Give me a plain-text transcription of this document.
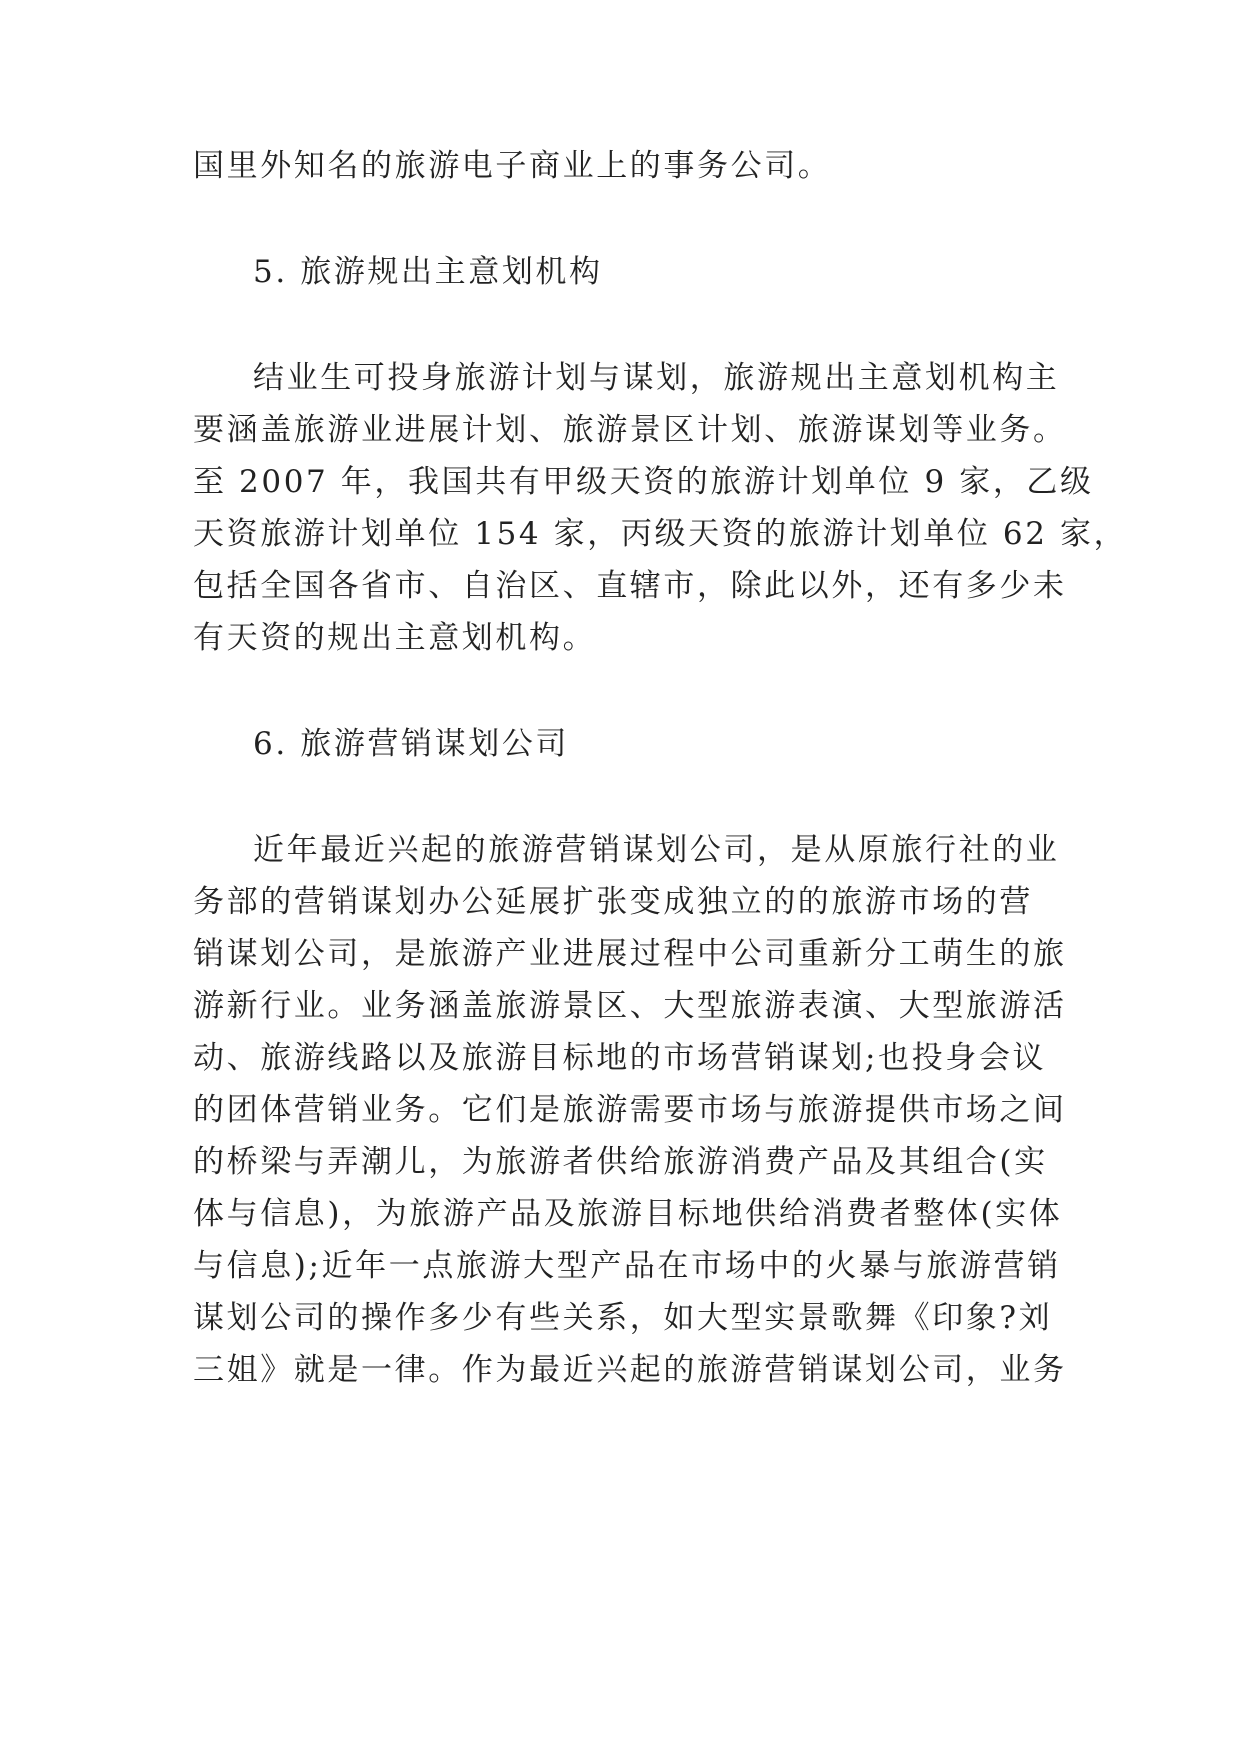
国里外知名的旅游电子商业上的事务公司。
5. 旅游规出主意划机构
结业生可投身旅游计划与谋划，旅游规出主意划机构主
要涵盖旅游业进展计划、旅游景区计划、旅游谋划等业务。
至 2007 年，我国共有甲级天资的旅游计划单位 9 家，乙级
天资旅游计划单位 154 家，丙级天资的旅游计划单位 62 家，
包括全国各省市、自治区、直辖市，除此以外，还有多少未
有天资的规出主意划机构。
6. 旅游营销谋划公司
近年最近兴起的旅游营销谋划公司，是从原旅行社的业
务部的营销谋划办公延展扩张变成独立的的旅游市场的营
销谋划公司，是旅游产业进展过程中公司重新分工萌生的旅
游新行业。业务涵盖旅游景区、大型旅游表演、大型旅游活
动、旅游线路以及旅游目标地的市场营销谋划;也投身会议
的团体营销业务。它们是旅游需要市场与旅游提供市场之间
的桥梁与弄潮儿，为旅游者供给旅游消费产品及其组合(实
体与信息)，为旅游产品及旅游目标地供给消费者整体(实体
与信息);近年一点旅游大型产品在市场中的火暴与旅游营销
谋划公司的操作多少有些关系，如大型实景歌舞《印象?刘
三姐》就是一律。作为最近兴起的旅游营销谋划公司，业务
